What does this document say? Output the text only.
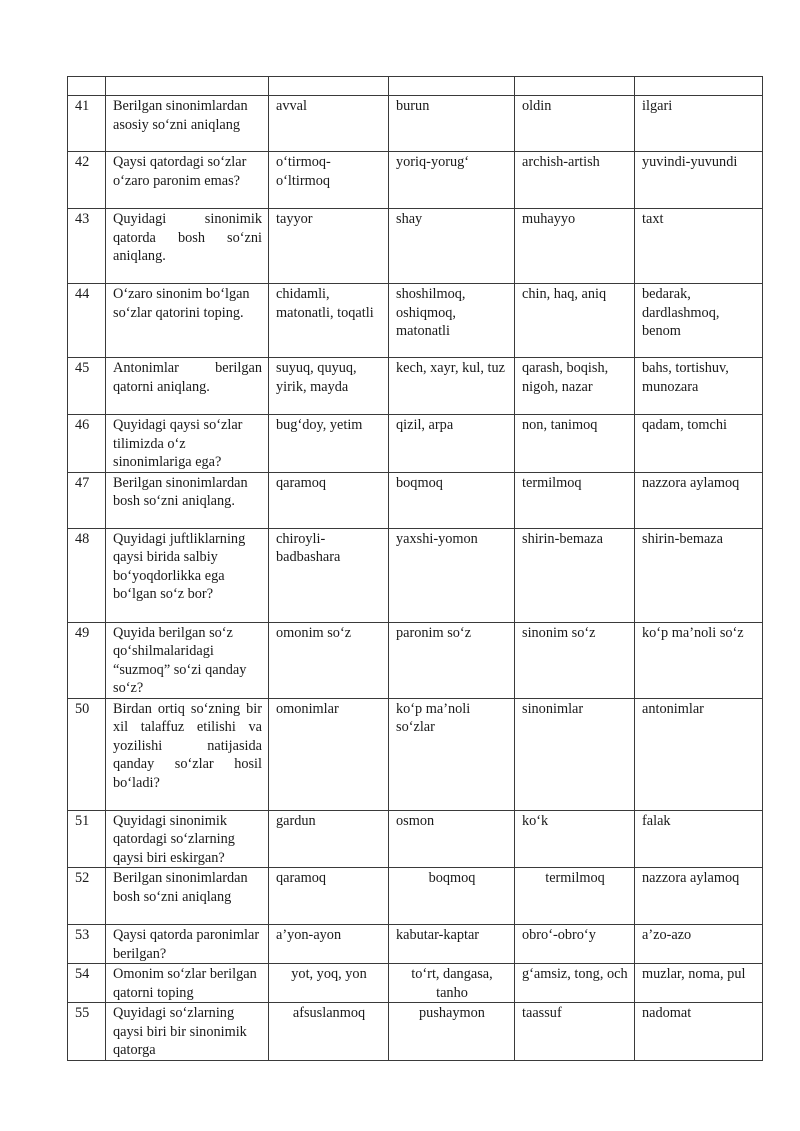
41	Berilgan sinonimlardan asosiy so‘zni aniqlang	avval	burun	oldin	ilgari
42	Qaysi qatordagi so‘zlar o‘zaro paronim emas?	o‘tirmoq-o‘ltirmoq	yoriq-yorug‘	archish-artish	yuvindi-yuvundi
43	Quyidagi sinonimik qatorda bosh so‘zni aniqlang.	tayyor	shay	muhayyo	taxt
44	O‘zaro sinonim bo‘lgan so‘zlar qatorini toping.	chidamli, matonatli, toqatli	shoshilmoq, oshiqmoq, matonatli	chin, haq, aniq	bedarak, dardlashmoq, benom
45	Antonimlar berilgan qatorni aniqlang.	suyuq, quyuq, yirik, mayda	kech, xayr, kul, tuz	qarash, boqish, nigoh, nazar	bahs, tortishuv, munozara
46	Quyidagi qaysi so‘zlar tilimizda o‘z sinonimlariga ega?	bug‘doy, yetim	qizil, arpa	non, tanimoq	qadam, tomchi
47	Berilgan sinonimlardan bosh so‘zni aniqlang.	qaramoq	boqmoq	termilmoq	nazzora aylamoq
48	Quyidagi juftliklarning qaysi birida salbiy bo‘yoqdorlikka ega bo‘lgan so‘z bor?	chiroyli-badbashara	yaxshi-yomon	shirin-bemaza	shirin-bemaza
49	Quyida berilgan so‘z qo‘shilmalaridagi “suzmoq” so‘zi qanday so‘z?	omonim so‘z	paronim so‘z	sinonim so‘z	ko‘p ma’noli so‘z
50	Birdan ortiq so‘zning bir xil talaffuz etilishi va yozilishi natijasida qanday so‘zlar hosil bo‘ladi?	omonimlar	ko‘p ma’noli so‘zlar	sinonimlar	antonimlar
51	Quyidagi sinonimik qatordagi so‘zlarning qaysi biri eskirgan?	gardun	osmon	ko‘k	falak
52	Berilgan sinonimlardan bosh so‘zni aniqlang	qaramoq	boqmoq	termilmoq	nazzora aylamoq
53	Qaysi qatorda paronimlar berilgan?	a’yon-ayon	kabutar-kaptar	obro‘-obro‘y	a’zo-azo
54	Omonim so‘zlar berilgan qatorni toping	yot, yoq, yon	to‘rt, dangasa, tanho	g‘amsiz, tong, och	muzlar, noma, pul
55	Quyidagi so‘zlarning qaysi biri bir sinonimik qatorga	afsuslanmoq	pushaymon	taassuf	nadomat
